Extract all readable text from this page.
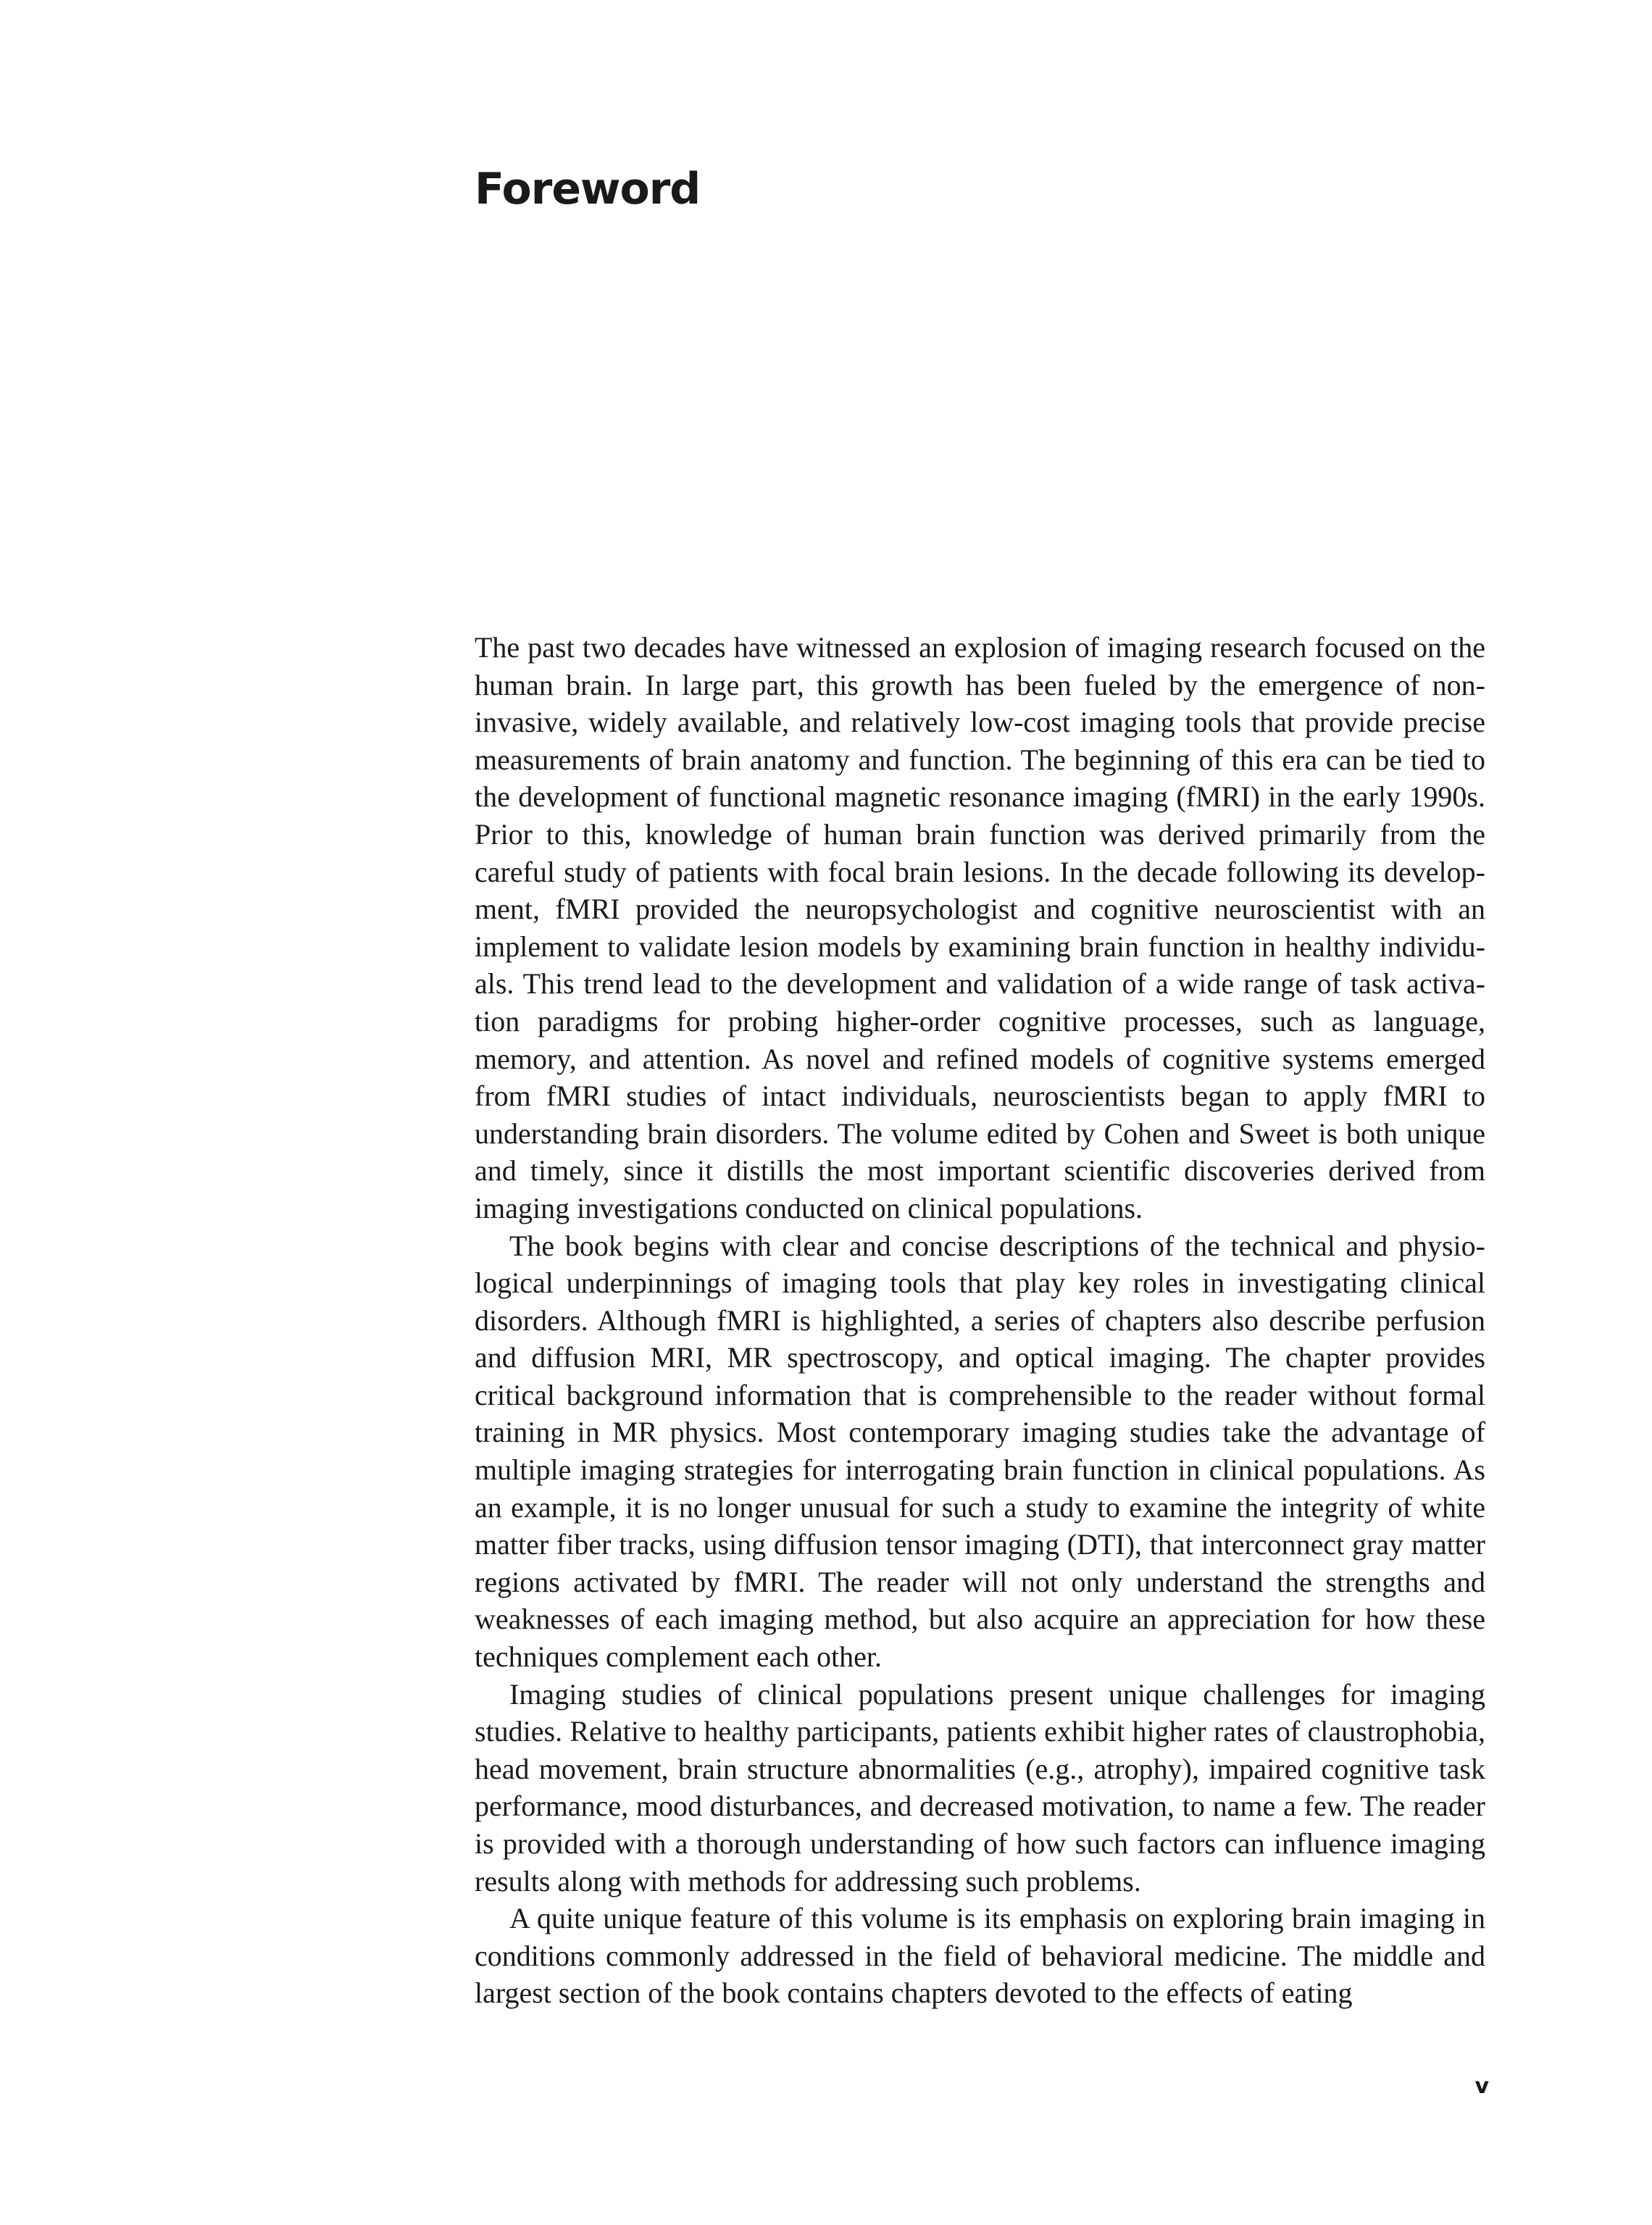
Foreword

The past two decades have witnessed an explosion of imaging research focused on the human brain. In large part, this growth has been fueled by the emergence of non-invasive, widely available, and relatively low-cost imaging tools that provide precise measurements of brain anatomy and function. The beginning of this era can be tied to the development of functional magnetic resonance imaging (fMRI) in the early 1990s. Prior to this, knowledge of human brain function was derived primarily from the careful study of patients with focal brain lesions. In the decade following its development, fMRI provided the neuropsychologist and cognitive neuroscientist with an implement to validate lesion models by examining brain function in healthy individuals. This trend lead to the development and validation of a wide range of task activation paradigms for probing higher-order cognitive processes, such as language, memory, and attention. As novel and refined models of cognitive systems emerged from fMRI studies of intact individuals, neuroscientists began to apply fMRI to understanding brain disorders. The volume edited by Cohen and Sweet is both unique and timely, since it distills the most important scientific discoveries derived from imaging investigations conducted on clinical populations.

The book begins with clear and concise descriptions of the technical and physiological underpinnings of imaging tools that play key roles in investigating clinical disorders. Although fMRI is highlighted, a series of chapters also describe perfusion and diffusion MRI, MR spectroscopy, and optical imaging. The chapter provides critical background information that is comprehensible to the reader without formal training in MR physics. Most contemporary imaging studies take the advantage of multiple imaging strategies for interrogating brain function in clinical populations. As an example, it is no longer unusual for such a study to examine the integrity of white matter fiber tracks, using diffusion tensor imaging (DTI), that interconnect gray matter regions activated by fMRI. The reader will not only understand the strengths and weaknesses of each imaging method, but also acquire an appreciation for how these techniques complement each other.

Imaging studies of clinical populations present unique challenges for imaging studies. Relative to healthy participants, patients exhibit higher rates of claustrophobia, head movement, brain structure abnormalities (e.g., atrophy), impaired cognitive task performance, mood disturbances, and decreased motivation, to name a few. The reader is provided with a thorough understanding of how such factors can influence imaging results along with methods for addressing such problems.

A quite unique feature of this volume is its emphasis on exploring brain imaging in conditions commonly addressed in the field of behavioral medicine. The middle and largest section of the book contains chapters devoted to the effects of eating

v
